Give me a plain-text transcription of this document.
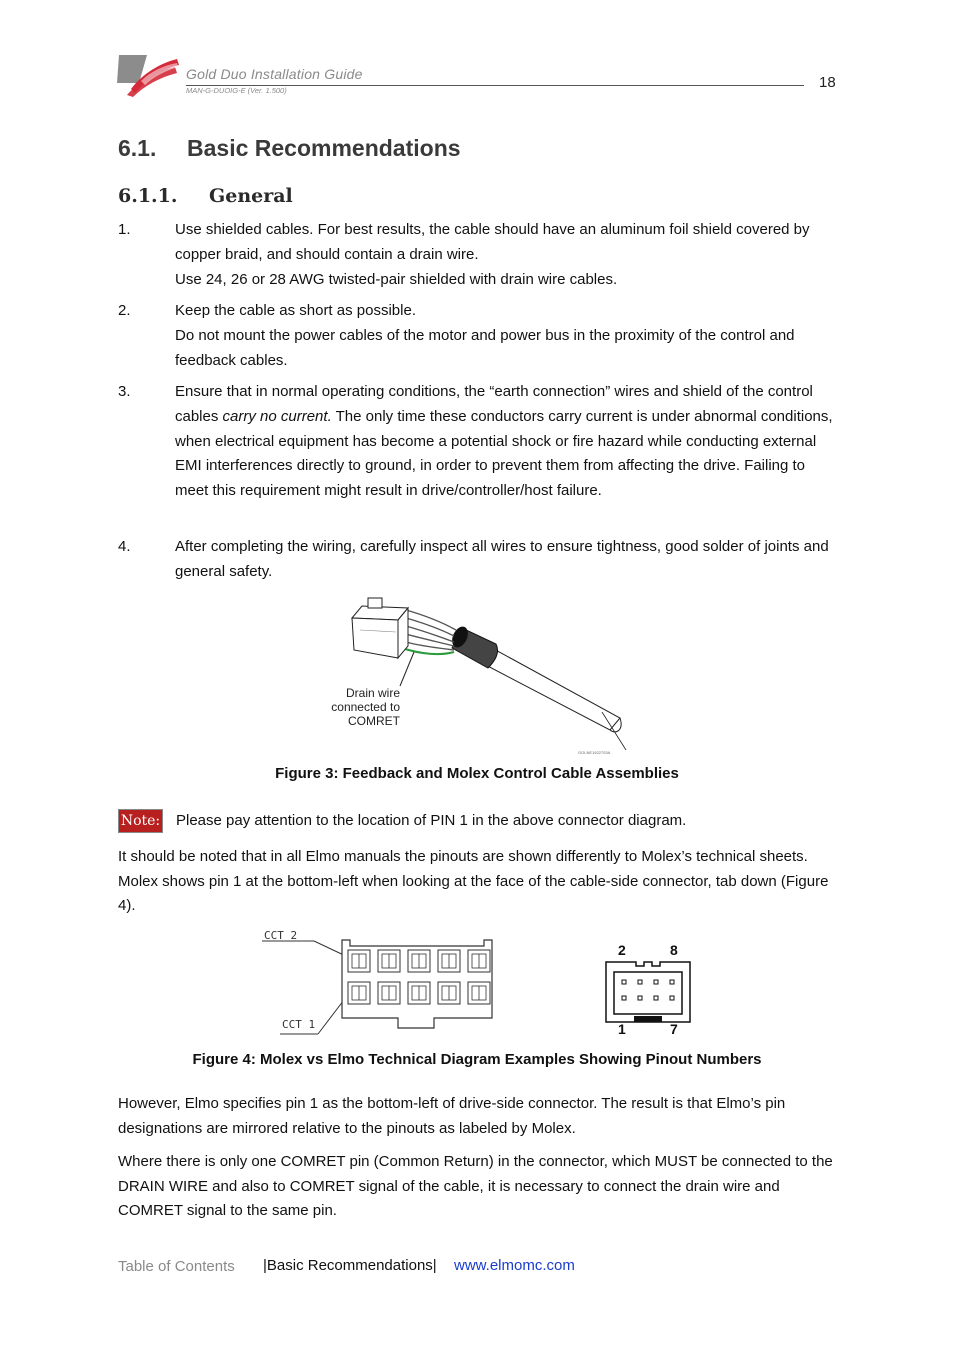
Gold Duo Installation Guide
MAN-G-DUOIG-E (Ver. 1.500)	18
6.1. Basic Recommendations
6.1.1. General
1.	Use shielded cables. For best results, the cable should have an aluminum foil shield covered by copper braid, and should contain a drain wire.
Use 24, 26 or 28 AWG twisted-pair shielded with drain wire cables.
2.	Keep the cable as short as possible.
Do not mount the power cables of the motor and power bus in the proximity of the control and feedback cables.
3.	Ensure that in normal operating conditions, the “earth connection” wires and shield of the control cables carry no current. The only time these conductors carry current is under abnormal conditions, when electrical equipment has become a potential shock or fire hazard while conducting external EMI interferences directly to ground, in order to prevent them from affecting the drive. Failing to meet this requirement might result in drive/controller/host failure.
4.	After completing the wiring, carefully inspect all wires to ensure tightness, good solder of joints and general safety.
GOLNE1922703A
Drain wire
connected to
COMRET
Figure 3: Feedback and Molex Control Cable Assemblies
Note: Please pay attention to the location of PIN 1 in the above connector diagram.
It should be noted that in all Elmo manuals the pinouts are shown differently to Molex’s technical sheets. Molex shows pin 1 at the bottom-left when looking at the face of the cable-side connector, tab down (Figure 4).
CCT 2
CCT 1
2	8
1	7
Figure 4: Molex vs Elmo Technical Diagram Examples Showing Pinout Numbers
However, Elmo specifies pin 1 as the bottom-left of drive-side connector. The result is that Elmo’s pin designations are mirrored relative to the pinouts as labeled by Molex.
Where there is only one COMRET pin (Common Return) in the connector, which MUST be connected to the DRAIN WIRE and also to COMRET signal of the cable, it is necessary to connect the drain wire and COMRET signal to the same pin.
Table of Contents |Basic Recommendations| www.elmomc.com
